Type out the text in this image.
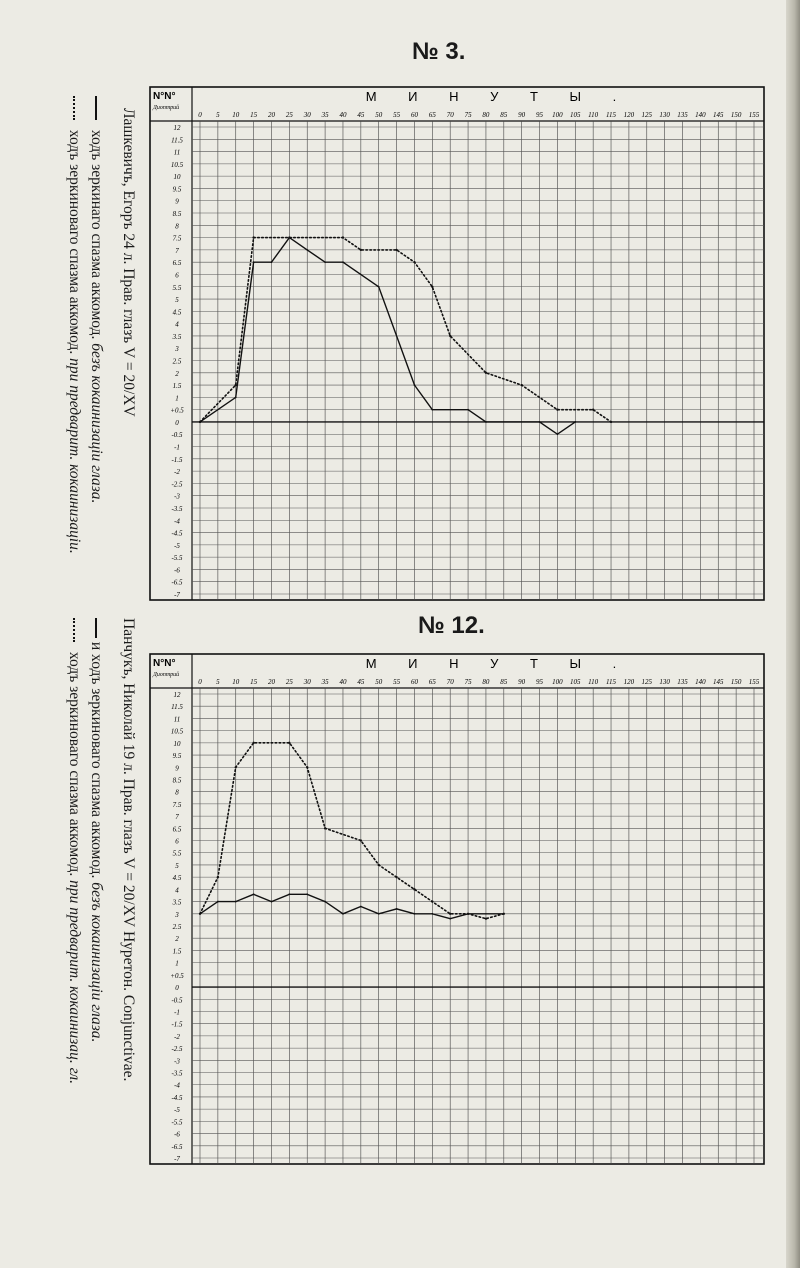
№ 3.
№ 12.
Лашкевичъ, Егоръ 24 л. Прав. глазъ V = 20/XV
ходъ зеркинаго спазма аккомод. безъ кокаинизацiи глаза.
ходъ зеркиноваго спазма аккомод. при предварит. кокаинизацiи.
Панчукъ, Николай 19 л. Прав. глазъ V = 20/XV Нуретон. Conjunctivae.
и ходъ зеркиноваго спазма аккомод. безъ кокаинизацiи глаза.
ходъ зеркиноваго спазма аккомод. при предварит. кокаинизац. гл.
N°N°
Диоптрий
М И Н У Т Ы .
0 5 10 15 20 25 30 35 40 45 50 55 60 65 70 75 80 85 90 95 100 105 110 115 120 125 130 135 140 145 150 155
12
11.5
11
10.5
10
9.5
9
8.5
8
7.5
7
6.5
6
5.5
5
4.5
4
3.5
3
2.5
2
1.5
1
+0.5
0
-0.5
-1
-1.5
-2
-2.5
-3
-3.5
-4
-4.5
-5
-5.5
-6
-6.5
-7
N°N°
Диоптрий
М И Н У Т Ы .
0 5 10 15 20 25 30 35 40 45 50 55 60 65 70 75 80 85 90 95 100 105 110 115 120 125 130 135 140 145 150 155
12
11.5
11
10.5
10
9.5
9
8.5
8
7.5
7
6.5
6
5.5
5
4.5
4
3.5
3
2.5
2
1.5
1
+0.5
0
-0.5
-1
-1.5
-2
-2.5
-3
-3.5
-4
-4.5
-5
-5.5
-6
-6.5
-7
